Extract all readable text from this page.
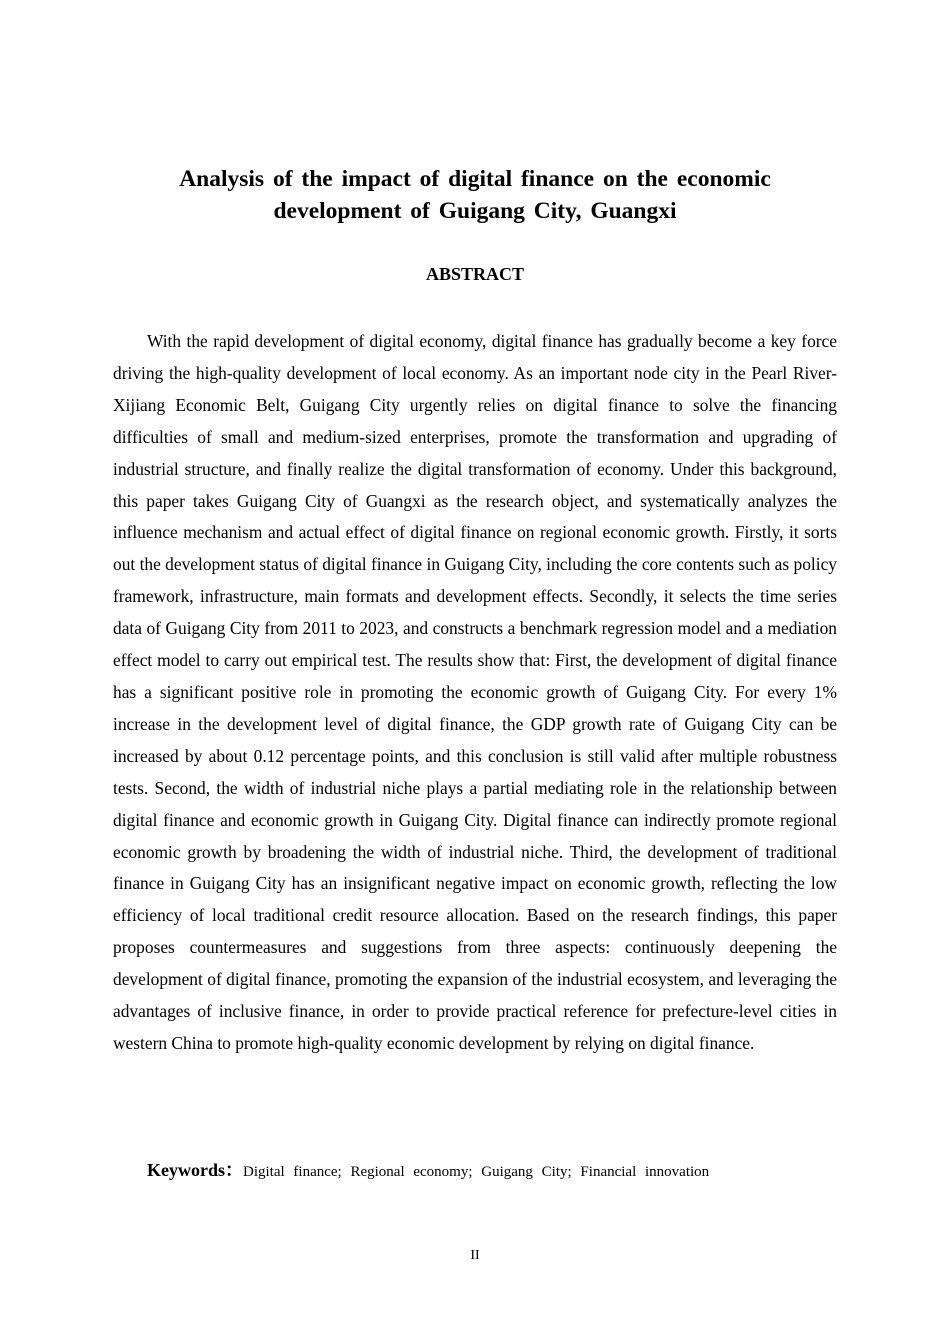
Analysis of the impact of digital finance on the economic development of Guigang City, Guangxi
ABSTRACT

With the rapid development of digital economy, digital finance has gradually become a key force driving the high-quality development of local economy. As an important node city in the Pearl River-Xijiang Economic Belt, Guigang City urgently relies on digital finance to solve the financing difficulties of small and medium-sized enterprises, promote the transformation and upgrading of industrial structure, and finally realize the digital transformation of economy. Under this background, this paper takes Guigang City of Guangxi as the research object, and systematically analyzes the influence mechanism and actual effect of digital finance on regional economic growth. Firstly, it sorts out the development status of digital finance in Guigang City, including the core contents such as policy framework, infrastructure, main formats and development effects. Secondly, it selects the time series data of Guigang City from 2011 to 2023, and constructs a benchmark regression model and a mediation effect model to carry out empirical test. The results show that: First, the development of digital finance has a significant positive role in promoting the economic growth of Guigang City. For every 1% increase in the development level of digital finance, the GDP growth rate of Guigang City can be increased by about 0.12 percentage points, and this conclusion is still valid after multiple robustness tests. Second, the width of industrial niche plays a partial mediating role in the relationship between digital finance and economic growth in Guigang City. Digital finance can indirectly promote regional economic growth by broadening the width of industrial niche. Third, the development of traditional finance in Guigang City has an insignificant negative impact on economic growth, reflecting the low efficiency of local traditional credit resource allocation. Based on the research findings, this paper proposes countermeasures and suggestions from three aspects: continuously deepening the development of digital finance, promoting the expansion of the industrial ecosystem, and leveraging the advantages of inclusive finance, in order to provide practical reference for prefecture-level cities in western China to promote high-quality economic development by relying on digital finance.

Keywords：Digital finance; Regional economy; Guigang City; Financial innovation

II
